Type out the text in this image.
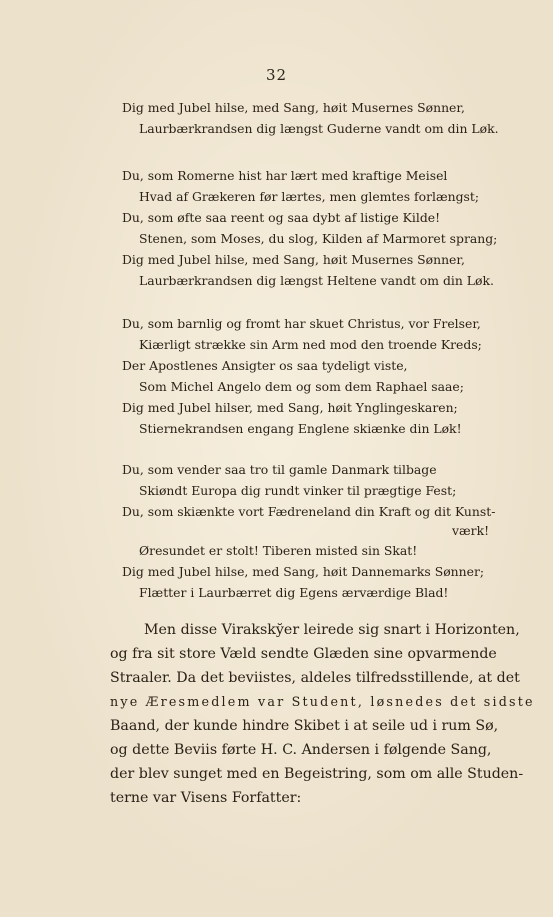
32
Dig med Jubel hilse, med Sang, høit Musernes Sønner,
Laurbærkrandsen dig længst Guderne vandt om din Løk.
Du, som Romerne hist har lært med kraftige Meisel
Hvad af Grækeren før lærtes, men glemtes forlængst;
Du, som øfte saa reent og saa dybt af listige Kilde!
Stenen, som Moses, du slog, Kilden af Marmoret sprang;
Dig med Jubel hilse, med Sang, høit Musernes Sønner,
Laurbærkrandsen dig længst Heltene vandt om din Løk.
Du, som barnlig og fromt har skuet Christus, vor Frelser,
Kiærligt strække sin Arm ned mod den troende Kreds;
Der Apostlenes Ansigter os saa tydeligt viste,
Som Michel Angelo dem og som dem Raphael saae;
Dig med Jubel hilser, med Sang, høit Ynglingeskaren;
Stiernekrandsen engang Englene skiænke din Løk!
Du, som vender saa tro til gamle Danmark tilbage
Skiøndt Europa dig rundt vinker til prægtige Fest;
Du, som skiænkte vort Fædreneland din Kraft og dit Kunst-
værk!
Øresundet er stolt! Tiberen misted sin Skat!
Dig med Jubel hilse, med Sang, høit Dannemarks Sønner;
Flætter i Laurbærret dig Egens ærværdige Blad!
Men disse Viraksky̆er leirede sig snart i Horizonten,
og fra sit store Væld sendte Glæden sine opvarmende
Straaler. Da det beviistes, aldeles tilfredsstillende, at det
nye Æresmedlem var Student, løsnedes det sidste
Baand, der kunde hindre Skibet i at seile ud i rum Sø,
og dette Beviis førte H. C. Andersen i følgende Sang,
der blev sunget med en Begeistring, som om alle Studen-
terne var Visens Forfatter:
